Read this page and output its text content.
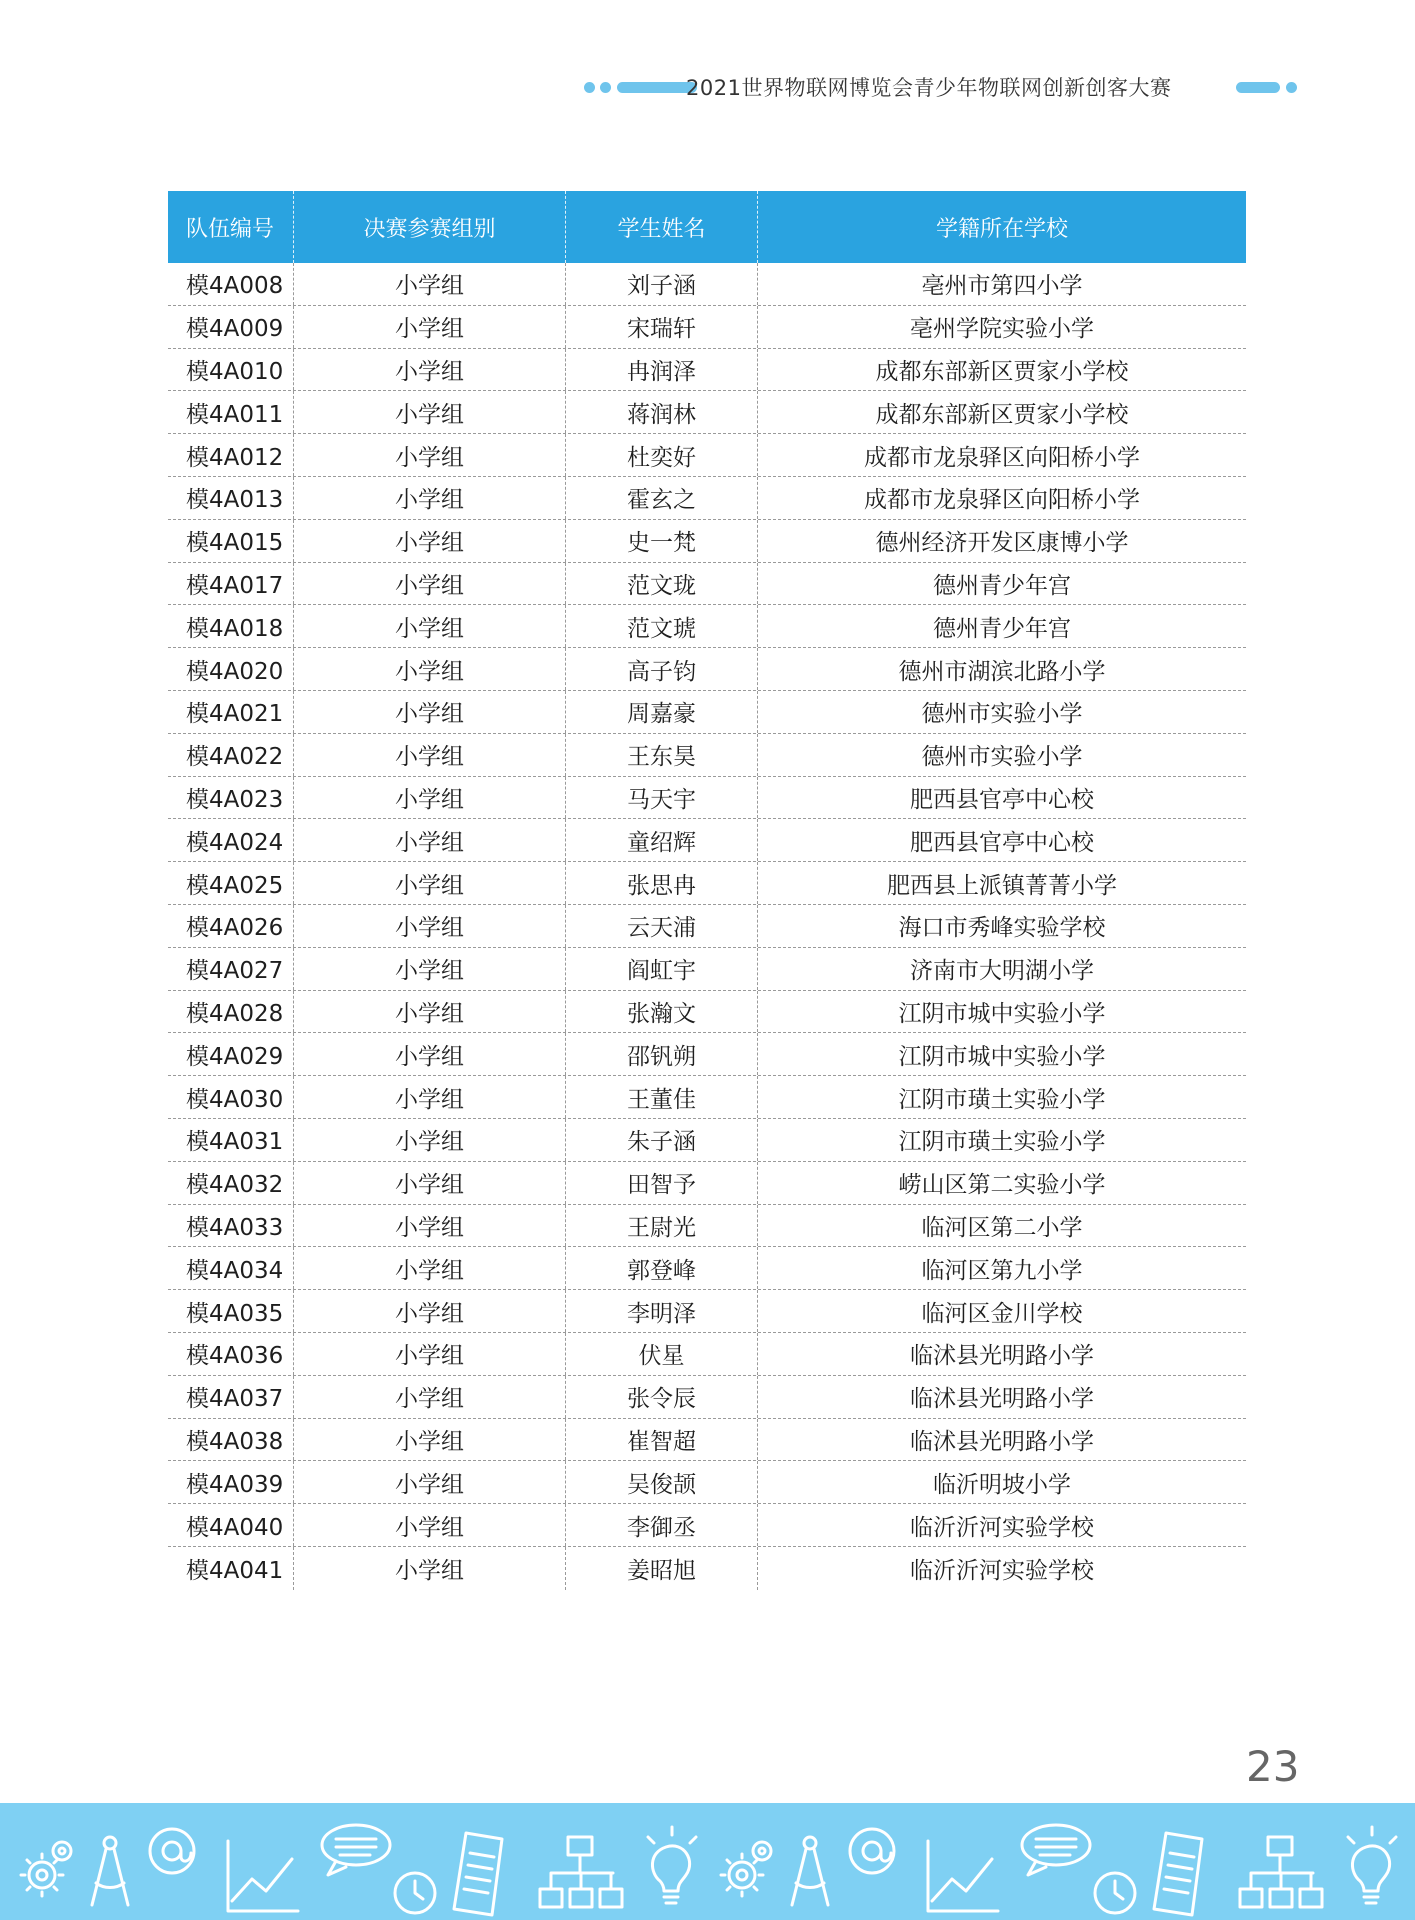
2021世界物联网博览会青少年物联网创新创客大赛
队伍编号	决赛参赛组别	学生姓名	学籍所在学校
模4A008	小学组	刘子涵	亳州市第四小学
模4A009	小学组	宋瑞轩	亳州学院实验小学
模4A010	小学组	冉润泽	成都东部新区贾家小学校
模4A011	小学组	蒋润林	成都东部新区贾家小学校
模4A012	小学组	杜奕好	成都市龙泉驿区向阳桥小学
模4A013	小学组	霍玄之	成都市龙泉驿区向阳桥小学
模4A015	小学组	史一梵	德州经济开发区康博小学
模4A017	小学组	范文珑	德州青少年宫
模4A018	小学组	范文琥	德州青少年宫
模4A020	小学组	高子钧	德州市湖滨北路小学
模4A021	小学组	周嘉豪	德州市实验小学
模4A022	小学组	王东昊	德州市实验小学
模4A023	小学组	马天宇	肥西县官亭中心校
模4A024	小学组	童绍辉	肥西县官亭中心校
模4A025	小学组	张思冉	肥西县上派镇菁菁小学
模4A026	小学组	云天浦	海口市秀峰实验学校
模4A027	小学组	阎虹宇	济南市大明湖小学
模4A028	小学组	张瀚文	江阴市城中实验小学
模4A029	小学组	邵钒朔	江阴市城中实验小学
模4A030	小学组	王董佳	江阴市璜土实验小学
模4A031	小学组	朱子涵	江阴市璜土实验小学
模4A032	小学组	田智予	崂山区第二实验小学
模4A033	小学组	王尉光	临河区第二小学
模4A034	小学组	郭登峰	临河区第九小学
模4A035	小学组	李明泽	临河区金川学校
模4A036	小学组	伏星	临沭县光明路小学
模4A037	小学组	张令辰	临沭县光明路小学
模4A038	小学组	崔智超	临沭县光明路小学
模4A039	小学组	吴俊颉	临沂明坡小学
模4A040	小学组	李御丞	临沂沂河实验学校
模4A041	小学组	姜昭旭	临沂沂河实验学校
23
